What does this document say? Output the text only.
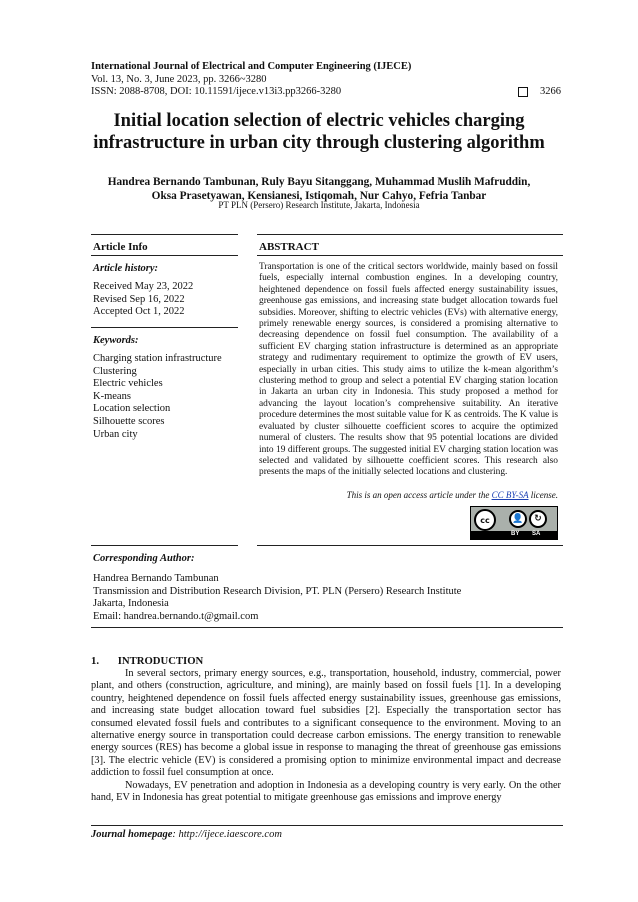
International Journal of Electrical and Computer Engineering (IJECE)
Vol. 13, No. 3, June 2023, pp. 3266~3280
ISSN: 2088-8708, DOI: 10.11591/ijece.v13i3.pp3266-3280	3266
Initial location selection of electric vehicles charging infrastructure in urban city through clustering algorithm
Handrea Bernando Tambunan, Ruly Bayu Sitanggang, Muhammad Muslih Mafruddin,
Oksa Prasetyawan, Kensianesi, Istiqomah, Nur Cahyo, Fefria Tanbar
PT PLN (Persero) Research Institute, Jakarta, Indonesia
Article Info	ABSTRACT
Article history:
Received May 23, 2022
Revised Sep 16, 2022
Accepted Oct 1, 2022
Keywords:
Charging station infrastructure
Clustering
Electric vehicles
K-means
Location selection
Silhouette scores
Urban city
Transportation is one of the critical sectors worldwide, mainly based on fossil fuels, especially internal combustion engines. In a developing country, heightened dependence on fossil fuels affected energy sustainability issues, greenhouse gas emissions, and increasing state budget allocation towards fuel subsidies. Moreover, shifting to electric vehicles (EVs) with alternative energy, primely renewable energy sources, is considered a promising alternative to decreasing dependence on fossil fuel consumption. The availability of a sufficient EV charging station infrastructure is determined as an appropriate strategy and rudimentary requirement to optimize the growth of EV users, especially in urban cities. This study aims to utilize the k-mean algorithm’s clustering method to group and select a potential EV charging station location in Jakarta an urban city in Indonesia. This study proposed a method for advancing the layout location’s comprehensive suitability. An iterative procedure determines the most suitable value for K as centroids. The K value is evaluated by cluster silhouette coefficient scores to acquire the optimized numeral of clusters. The results show that 95 potential locations are divided into 19 different groups. The suggested initial EV charging station location was selected and validated by silhouette coefficient scores. This research also presents the maps of the initially selected locations and clustering.
This is an open access article under the CC BY-SA license.
cc	👤	↻
BY SA
Corresponding Author:
Handrea Bernando Tambunan
Transmission and Distribution Research Division, PT. PLN (Persero) Research Institute
Jakarta, Indonesia
Email: handrea.bernando.t@gmail.com
1.       INTRODUCTION

In several sectors, primary energy sources, e.g., transportation, household, industry, commercial, power plant, and others (construction, agriculture, and mining), are mainly based on fossil fuels [1]. In a developing country, heightened dependence on fossil fuels affected energy sustainability issues, greenhouse gas emissions, and increasing state budget allocation toward fuel subsidies [2]. Especially the transportation sector has consumed elevated fossil fuels and contributes to a significant consequence to the environment. Moving to an alternative energy source in transportation could decrease carbon emissions. The energy transition to renewable energy sources (RES) has become a global issue in response to managing the threat of greenhouse gas emissions [3]. The electric vehicle (EV) is considered a promising option to minimize environmental impact and decrease addiction to fossil fuel consumption at once.

Nowadays, EV penetration and adoption in Indonesia as a developing country is very early. On the other hand, EV in Indonesia has great potential to mitigate greenhouse gas emissions and improve energy

Journal homepage: http://ijece.iaescore.com
